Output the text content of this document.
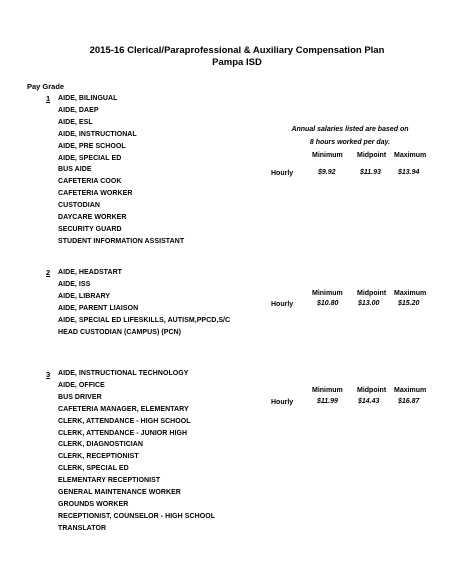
2015-16 Clerical/Paraprofessional & Auxiliary Compensation Plan
Pampa ISD
Pay Grade
1 AIDE, BILINGUAL
AIDE, DAEP
AIDE, ESL
AIDE, INSTRUCTIONAL
AIDE, PRE SCHOOL
AIDE, SPECIAL ED
BUS AIDE
CAFETERIA COOK
CAFETERIA WORKER
CUSTODIAN
DAYCARE WORKER
SECURITY GUARD
STUDENT INFORMATION ASSISTANT
Annual salaries listed are based on
8 hours worked per day.
Minimum Midpoint Maximum
Hourly	$9.92	$11.93 $13.94
2 AIDE, HEADSTART
AIDE, ISS
AIDE, LIBRARY
AIDE, PARENT LIAISON
AIDE, SPECIAL ED LIFESKILLS, AUTISM,PPCD,S/C
HEAD CUSTODIAN (CAMPUS) (PCN)
Minimum Midpoint Maximum
Hourly	$10.80	$13.00	$15.20
3 AIDE, INSTRUCTIONAL TECHNOLOGY
AIDE, OFFICE
BUS DRIVER
CAFETERIA MANAGER, ELEMENTARY
CLERK, ATTENDANCE - HIGH SCHOOL
CLERK, ATTENDANCE - JUNIOR HIGH
CLERK, DIAGNOSTICIAN
CLERK, RECEPTIONIST
CLERK, SPECIAL ED
ELEMENTARY RECEPTIONIST
GENERAL MAINTENANCE WORKER
GROUNDS WORKER
RECEPTIONIST, COUNSELOR - HIGH SCHOOL
TRANSLATOR
Minimum Midpoint Maximum
Hourly	$11.99	$14.43	$16.87
